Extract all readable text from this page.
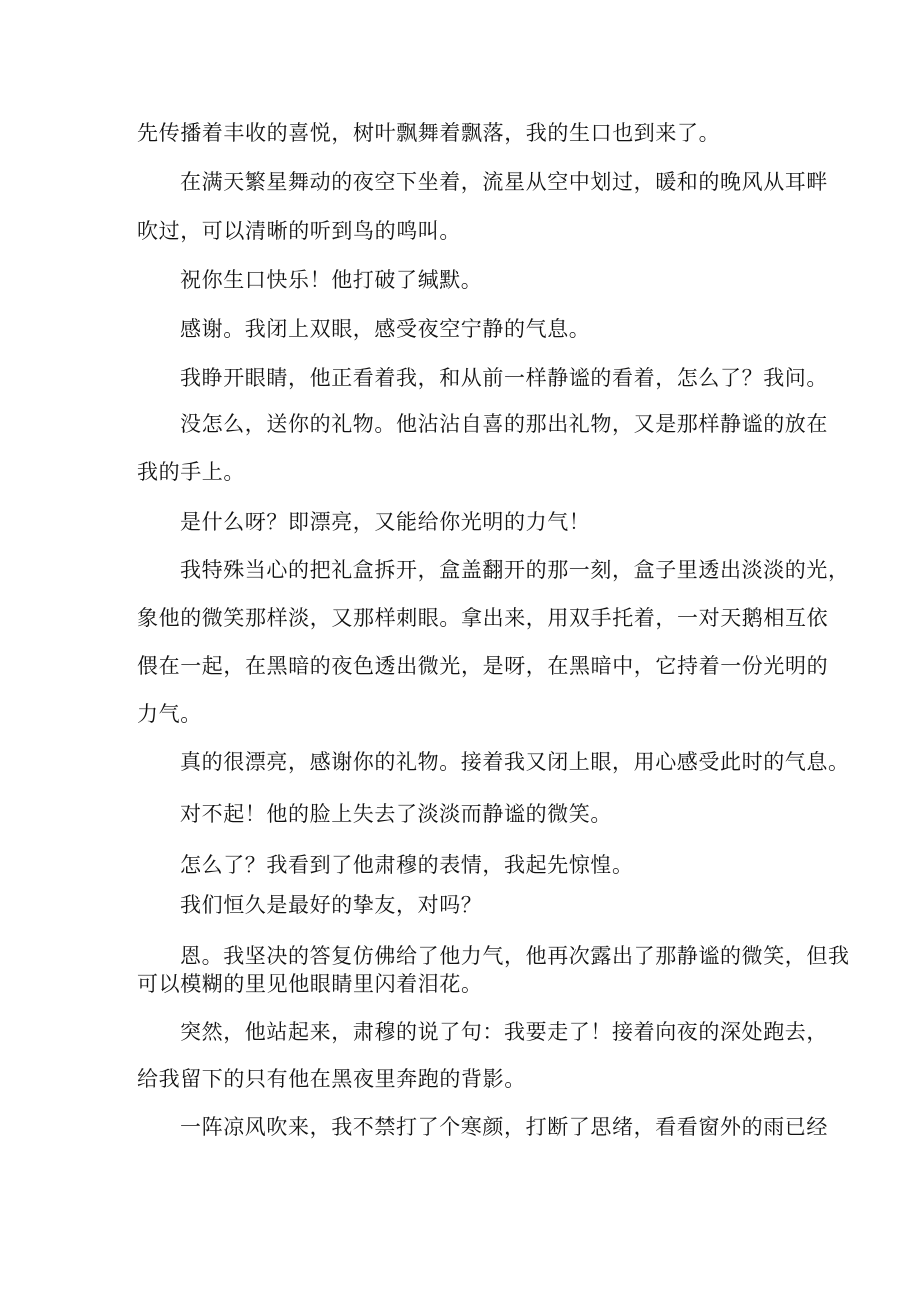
先传播着丰收的喜悦，树叶飘舞着飘落，我的生口也到来了。
在满天繁星舞动的夜空下坐着，流星从空中划过，暖和的晚风从耳畔
吹过，可以清晰的听到鸟的鸣叫。
祝你生口快乐！他打破了缄默。
感谢。我闭上双眼，感受夜空宁静的气息。
我睁开眼睛，他正看着我，和从前一样静谧的看着，怎么了？我问。
没怎么，送你的礼物。他沾沾自喜的那出礼物，又是那样静谧的放在
我的手上。
是什么呀？即漂亮，又能给你光明的力气！
我特殊当心的把礼盒拆开，盒盖翻开的那一刻，盒子里透出淡淡的光，
象他的微笑那样淡，又那样刺眼。拿出来，用双手托着，一对天鹅相互依
偎在一起，在黑暗的夜色透出微光，是呀，在黑暗中，它持着一份光明的
力气。
真的很漂亮，感谢你的礼物。接着我又闭上眼，用心感受此时的气息。
对不起！他的脸上失去了淡淡而静谧的微笑。
怎么了？我看到了他肃穆的表情，我起先惊惶。
我们恒久是最好的挚友，对吗？
恩。我坚决的答复仿佛给了他力气，他再次露出了那静谧的微笑，但我
可以模糊的里见他眼睛里闪着泪花。
突然，他站起来，肃穆的说了句：我要走了！接着向夜的深处跑去，
给我留下的只有他在黑夜里奔跑的背影。
一阵凉风吹来，我不禁打了个寒颜，打断了思绪，看看窗外的雨已经
